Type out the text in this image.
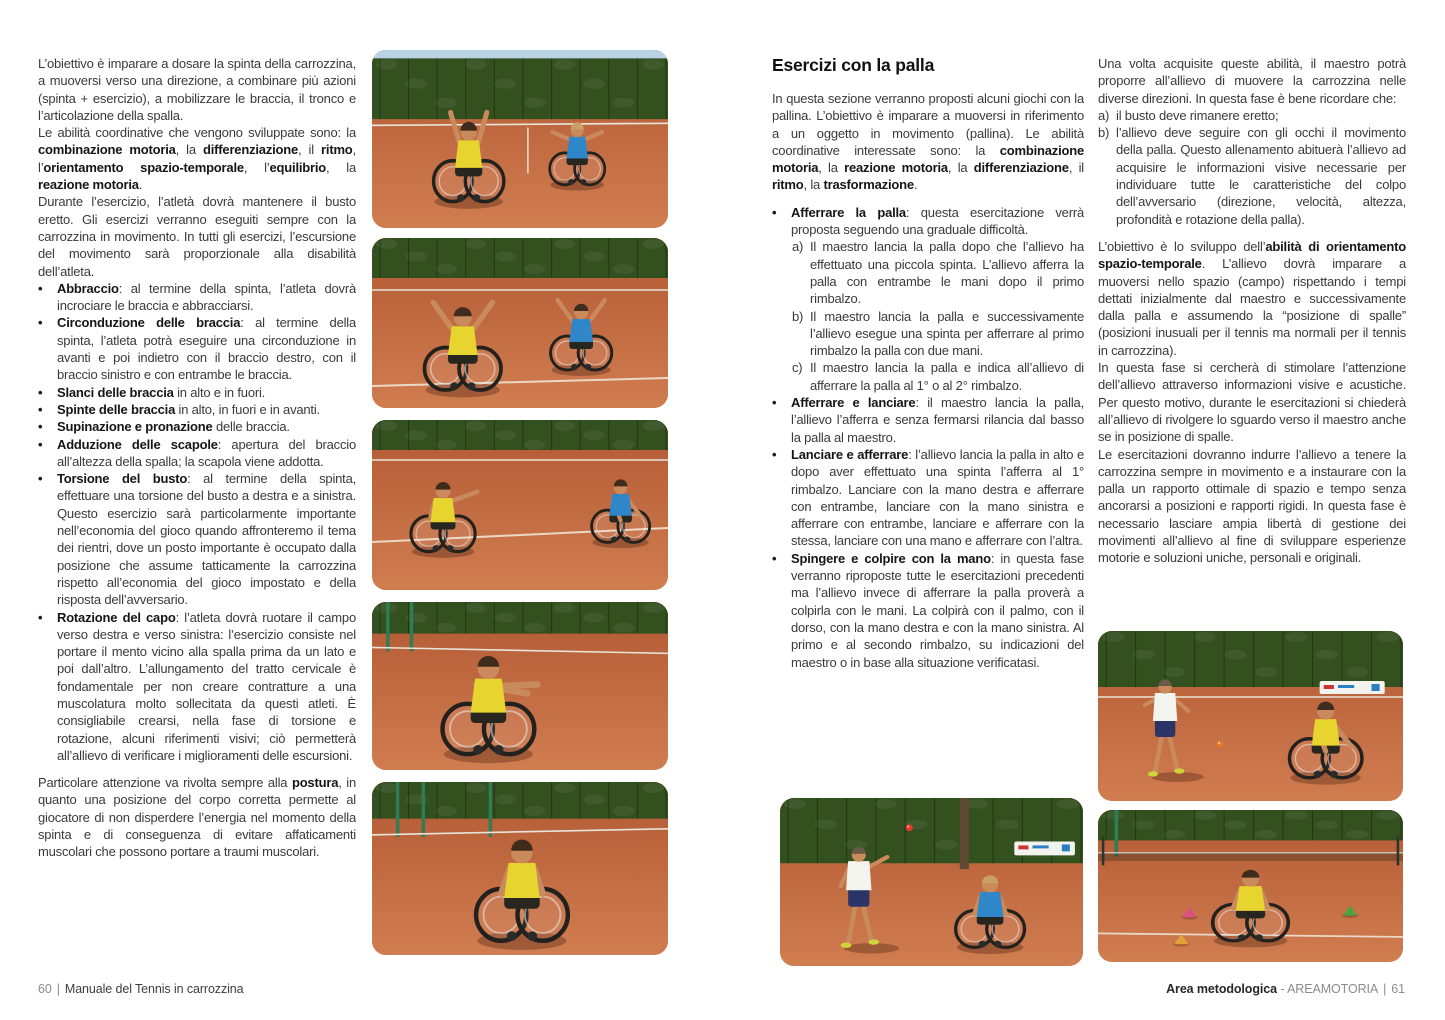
L’obiettivo è imparare a dosare la spinta della carrozzina, a muoversi verso una direzione, a combinare più azioni (spinta + esercizio), a mobilizzare le braccia, il tronco e l’articolazione della spalla.
Le abilità coordinative che vengono sviluppate sono: la combinazione motoria, la differenziazione, il ritmo, l’orientamento spazio-temporale, l’equilibrio, la reazione motoria.
Durante l’esercizio, l’atletà dovrà mantenere il busto eretto. Gli esercizi verranno eseguiti sempre con la carrozzina in movimento. In tutti gli esercizi, l’escursione del movimento sarà proporzionale alla disabilità dell’atleta.
•	Abbraccio: al termine della spinta, l’atleta dovrà incrociare le braccia e abbracciarsi.
•	Circonduzione delle braccia: al termine della spinta, l’atleta potrà eseguire una circonduzione in avanti e poi indietro con il braccio destro, con il braccio sinistro e con entrambe le braccia.
•	Slanci delle braccia in alto e in fuori.
•	Spinte delle braccia in alto, in fuori e in avanti.
•	Supinazione e pronazione delle braccia.
•	Adduzione delle scapole: apertura del braccio all’altezza della spalla; la scapola viene addotta.
•	Torsione del busto: al termine della spinta, effettuare una torsione del busto a destra e a sinistra. Questo esercizio sarà particolarmente importante nell’economia del gioco quando affronteremo il tema dei rientri, dove un posto importante è occupato dalla posizione che assume tatticamente la carrozzina rispetto all’economia del gioco impostato e della risposta dell’avversario.
•	Rotazione del capo: l’atleta dovrà ruotare il campo verso destra e verso sinistra: l’esercizio consiste nel portare il mento vicino alla spalla prima da un lato e poi dall’altro. L’allungamento del tratto cervicale è fondamentale per non creare contratture a una muscolatura molto sollecitata da questi atleti. È consigliabile crearsi, nella fase di torsione e rotazione, alcuni riferimenti visivi; ciò permetterà all’allievo di verificare i miglioramenti delle escursioni.
Particolare attenzione va rivolta sempre alla postura, in quanto una posizione del corpo corretta permette al giocatore di non disperdere l’energia nel momento della spinta e di conseguenza di evitare affaticamenti muscolari che possono portare a traumi muscolari.
Esercizi con la palla
In questa sezione verranno proposti alcuni giochi con la pallina. L’obiettivo è imparare a muoversi in riferimento a un oggetto in movimento (pallina). Le abilità coordinative interessate sono: la combinazione motoria, la reazione motoria, la differenziazione, il ritmo, la trasformazione.
•	Afferrare la palla: questa esercitazione verrà proposta seguendo una graduale difficoltà.
a) Il maestro lancia la palla dopo che l’allievo ha effettuato una piccola spinta. L’allievo afferra la palla con entrambe le mani dopo il primo rimbalzo.
b) Il maestro lancia la palla e successivamente l’allievo esegue una spinta per afferrare al primo rimbalzo la palla con due mani.
c) Il maestro lancia la palla e indica all’allievo di afferrare la palla al 1° o al 2° rimbalzo.
•	Afferrare e lanciare: il maestro lancia la palla, l’allievo l’afferra e senza fermarsi rilancia dal basso la palla al maestro.
•	Lanciare e afferrare: l’allievo lancia la palla in alto e dopo aver effettuato una spinta l’afferra al 1° rimbalzo. Lanciare con la mano destra e afferrare con entrambe, lanciare con la mano sinistra e afferrare con entrambe, lanciare e afferrare con la stessa, lanciare con una mano e afferrare con l’altra.
•	Spingere e colpire con la mano: in questa fase verranno riproposte tutte le esercitazioni precedenti ma l’allievo invece di afferrare la palla proverà a colpirla con le mani. La colpirà con il palmo, con il dorso, con la mano destra e con la mano sinistra. Al primo e al secondo rimbalzo, su indicazioni del maestro o in base alla situazione verificatasi.
Una volta acquisite queste abilità, il maestro potrà proporre all’allievo di muovere la carrozzina nelle diverse direzioni. In questa fase è bene ricordare che:
a) il busto deve rimanere eretto;
b) l’allievo deve seguire con gli occhi il movimento della palla. Questo allenamento abituerà l’allievo ad acquisire le informazioni visive necessarie per individuare tutte le caratteristiche del colpo dell’avversario (direzione, velocità, altezza, profondità e rotazione della palla).
L’obiettivo è lo sviluppo dell’abilità di orientamento spazio-temporale. L’allievo dovrà imparare a muoversi nello spazio (campo) rispettando i tempi dettati inizialmente dal maestro e successivamente dalla palla e assumendo la “posizione di spalle” (posizioni inusuali per il tennis ma normali per il tennis in carrozzina).
In questa fase si cercherà di stimolare l’attenzione dell’allievo attraverso informazioni visive e acustiche. Per questo motivo, durante le esercitazioni si chiederà all’allievo di rivolgere lo sguardo verso il maestro anche se in posizione di spalle.
Le esercitazioni dovranno indurre l’allievo a tenere la carrozzina sempre in movimento e a instaurare con la palla un rapporto ottimale di spazio e tempo senza ancorarsi a posizioni e rapporti rigidi. In questa fase è necessario lasciare ampia libertà di gestione dei movimenti all’allievo al fine di sviluppare esperienze motorie e soluzioni uniche, personali e originali.
60 | Manuale del Tennis in carrozzina	Area metodologica - AREAMOTORIA | 61
